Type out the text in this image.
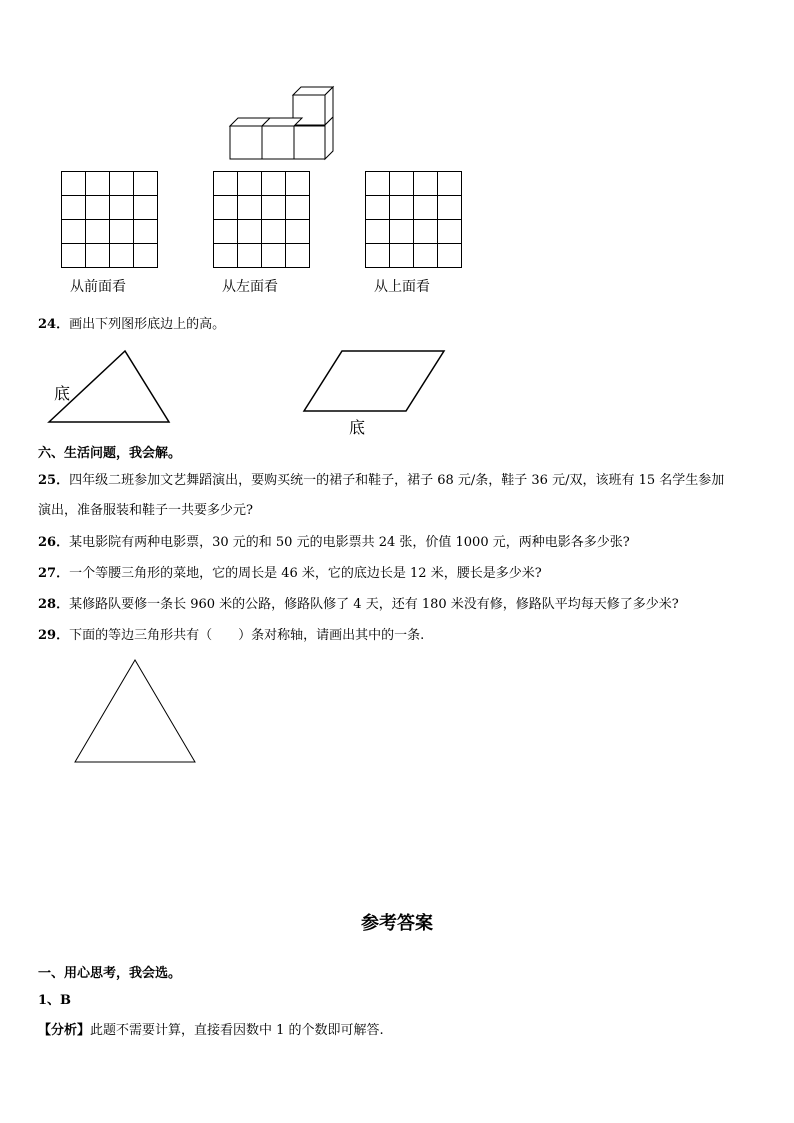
从前面看	从左面看	从上面看
24．画出下列图形底边上的高。
底
底
六、生活问题，我会解。
25．四年级二班参加文艺舞蹈演出，要购买统一的裙子和鞋子，裙子 68 元/条，鞋子 36 元/双，该班有 15 名学生参加
演出，准备服装和鞋子一共要多少元?
26．某电影院有两种电影票，30 元的和 50 元的电影票共 24 张，价值 1000 元，两种电影各多少张?
27．一个等腰三角形的菜地，它的周长是 46 米，它的底边长是 12 米，腰长是多少米?
28．某修路队要修一条长 960 米的公路，修路队修了 4 天，还有 180 米没有修，修路队平均每天修了多少米?
29．下面的等边三角形共有（　　）条对称轴，请画出其中的一条.
参考答案
一、用心思考，我会选。
1、B
【分析】此题不需要计算，直接看因数中 1 的个数即可解答.
